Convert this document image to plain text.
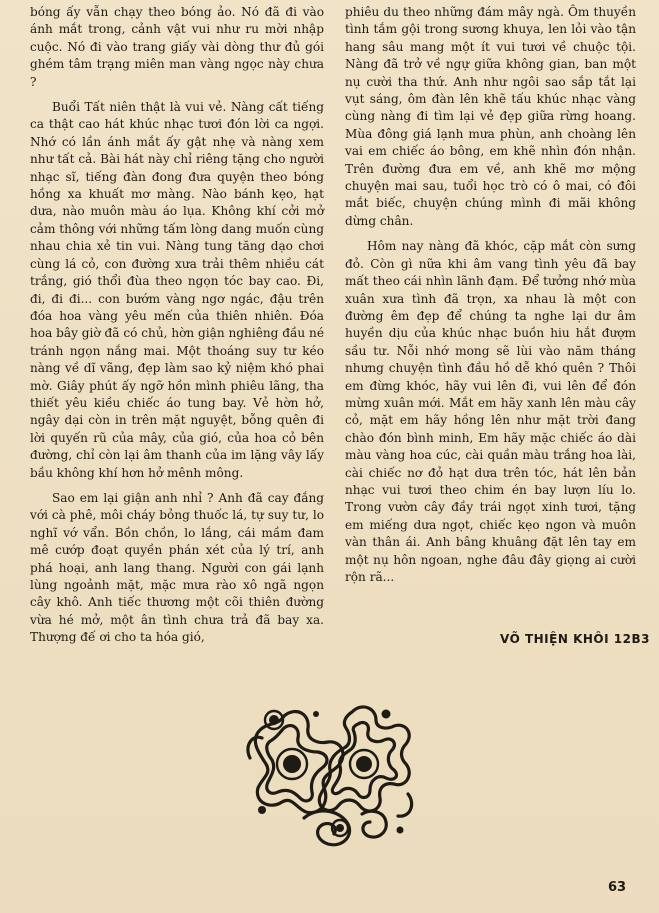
bóng ấy vẫn chạy theo bóng ảo. Nó đã đi vào ánh mắt trong, cảnh vật vui như ru mời nhập cuộc. Nó đi vào trang giấy vài dòng thư đủ gói ghém tâm trạng miên man vàng ngọc này chưa ?

Buổi Tất niên thật là vui vẻ. Nàng cất tiếng ca thật cao hát khúc nhạc tươi đón lời ca ngợi. Nhớ có lần ánh mắt ấy gật nhẹ và nàng xem như tất cả. Bài hát này chỉ riêng tặng cho người nhạc sĩ, tiếng đàn đong đưa quyện theo bóng hồng xa khuất mơ màng. Nào bánh kẹo, hạt dưa, nào muôn màu áo lụa. Không khí cởi mở cảm thông với những tấm lòng dang muốn cùng nhau chia xẻ tin vui. Nàng tung tăng dạo chơi cùng lá cỏ, con đường xưa trải thêm nhiều cát trắng, gió thổi đùa theo ngọn tóc bay cao. Đi, đi, đi đi... con bướm vàng ngơ ngác, đậu trên đóa hoa vàng yêu mến của thiên nhiên. Đóa hoa bây giờ đã có chủ, hờn giận nghiêng đầu né tránh ngọn nắng mai. Một thoáng suy tư kéo nàng về dĩ vãng, đẹp làm sao kỷ niệm khó phai mờ. Giây phút ấy ngỡ hồn mình phiêu lãng, tha thiết yêu kiều chiếc áo tung bay. Vẻ hờn hở, ngây dại còn in trên mặt nguyệt, bỗng quên đi lời quyến rũ của mây, của gió, của hoa cỏ bên đường, chỉ còn lại âm thanh của im lặng vây lấy bầu không khí hơn hở mênh mông.

Sao em lại giận anh nhỉ ? Anh đã cay đắng với cà phê, môi cháy bỏng thuốc lá, tự suy tư, lo nghĩ vớ vẩn. Bồn chồn, lo lắng, cái mầm đam mê cướp đoạt quyền phán xét của lý trí, anh phá hoại, anh lang thang. Người con gái lạnh lùng ngoảnh mặt, mặc mưa rào xô ngã ngọn cây khô. Anh tiếc thương một cõi thiên đường vừa hé mở, một ân tình chưa trả đã bay xa. Thượng đế ơi cho ta hóa gió,

phiêu du theo những đám mây ngà. Ôm thuyền tình tắm gội trong sương khuya, len lỏi vào tận hang sâu mang một ít vui tươi về chuộc tội. Nàng đã trở về ngự giữa không gian, ban một nụ cười tha thứ. Anh như ngôi sao sắp tắt lại vụt sáng, ôm đàn lên khẽ tấu khúc nhạc vàng cùng nàng đi tìm lại vẻ đẹp giữa rừng hoang. Mùa đông giá lạnh mưa phùn, anh choàng lên vai em chiếc áo bông, em khẽ nhìn đón nhận. Trên đường đưa em về, anh khẽ mơ mộng chuyện mai sau, tuổi học trò có ô mai, có đôi mắt biếc, chuyện chúng mình đi mãi không dừng chân.

Hôm nay nàng đã khóc, cặp mắt còn sưng đỏ. Còn gì nữa khi âm vang tình yêu đã bay mất theo cái nhìn lãnh đạm. Để tưởng nhớ mùa xuân xưa tình đã trọn, xa nhau là một con đường êm đẹp để chúng ta nghe lại dư âm huyền dịu của khúc nhạc buồn hiu hắt đượm sầu tư. Nỗi nhớ mong sẽ lùi vào năm tháng nhưng chuyện tình đầu hồ dễ khó quên ? Thôi em đừng khóc, hãy vui lên đi, vui lên để đón mừng xuân mới. Mắt em hãy xanh lên màu cây cỏ, mặt em hãy hồng lên như mặt trời đang chào đón bình minh, Em hãy mặc chiếc áo dài màu vàng hoa cúc, cài quần màu trắng hoa lài, cài chiếc nơ đỏ hạt dưa trên tóc, hát lên bản nhạc vui tươi theo chim én bay lượn líu lo. Trong vườn cây đầy trái ngọt xinh tươi, tặng em miếng dưa ngọt, chiếc kẹo ngon và muôn vàn thân ái. Anh bâng khuâng đặt lên tay em một nụ hôn ngoan, nghe đâu đây giọng ai cười rộn rã...

VÕ THIỆN KHÔI 12B3
63
